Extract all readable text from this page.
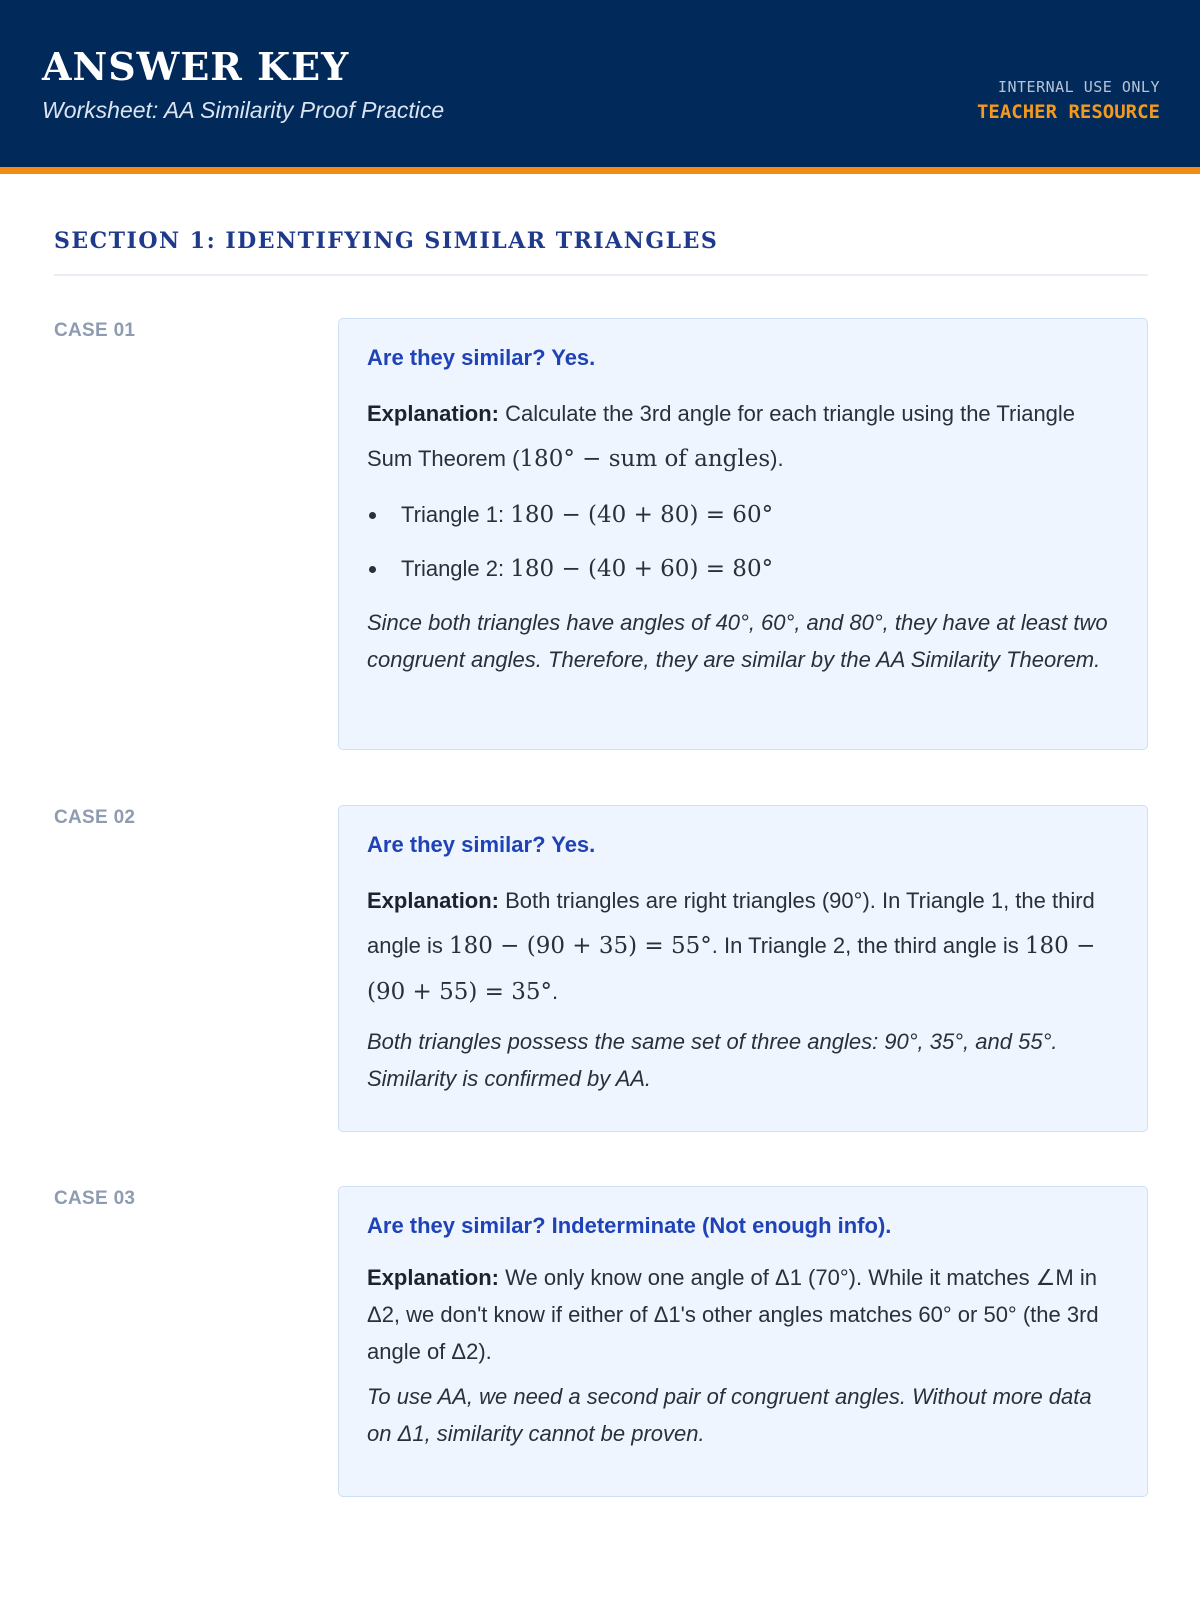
ANSWER KEY
Worksheet: AA Similarity Proof Practice
INTERNAL USE ONLY
TEACHER RESOURCE
SECTION 1: IDENTIFYING SIMILAR TRIANGLES
CASE 01
Are they similar? Yes.
Explanation: Calculate the 3rd angle for each triangle using the Triangle Sum Theorem (180° − sum of angles).
Triangle 1: 180 − (40 + 80) = 60°
Triangle 2: 180 − (40 + 60) = 80°
Since both triangles have angles of 40°, 60°, and 80°, they have at least two congruent angles. Therefore, they are similar by the AA Similarity Theorem.
CASE 02
Are they similar? Yes.
Explanation: Both triangles are right triangles (90°). In Triangle 1, the third angle is 180 − (90 + 35) = 55°. In Triangle 2, the third angle is 180 − (90 + 55) = 35°.
Both triangles possess the same set of three angles: 90°, 35°, and 55°. Similarity is confirmed by AA.
CASE 03
Are they similar? Indeterminate (Not enough info).
Explanation: We only know one angle of Δ1 (70°). While it matches ∠M in Δ2, we don't know if either of Δ1's other angles matches 60° or 50° (the 3rd angle of Δ2).
To use AA, we need a second pair of congruent angles. Without more data on Δ1, similarity cannot be proven.
